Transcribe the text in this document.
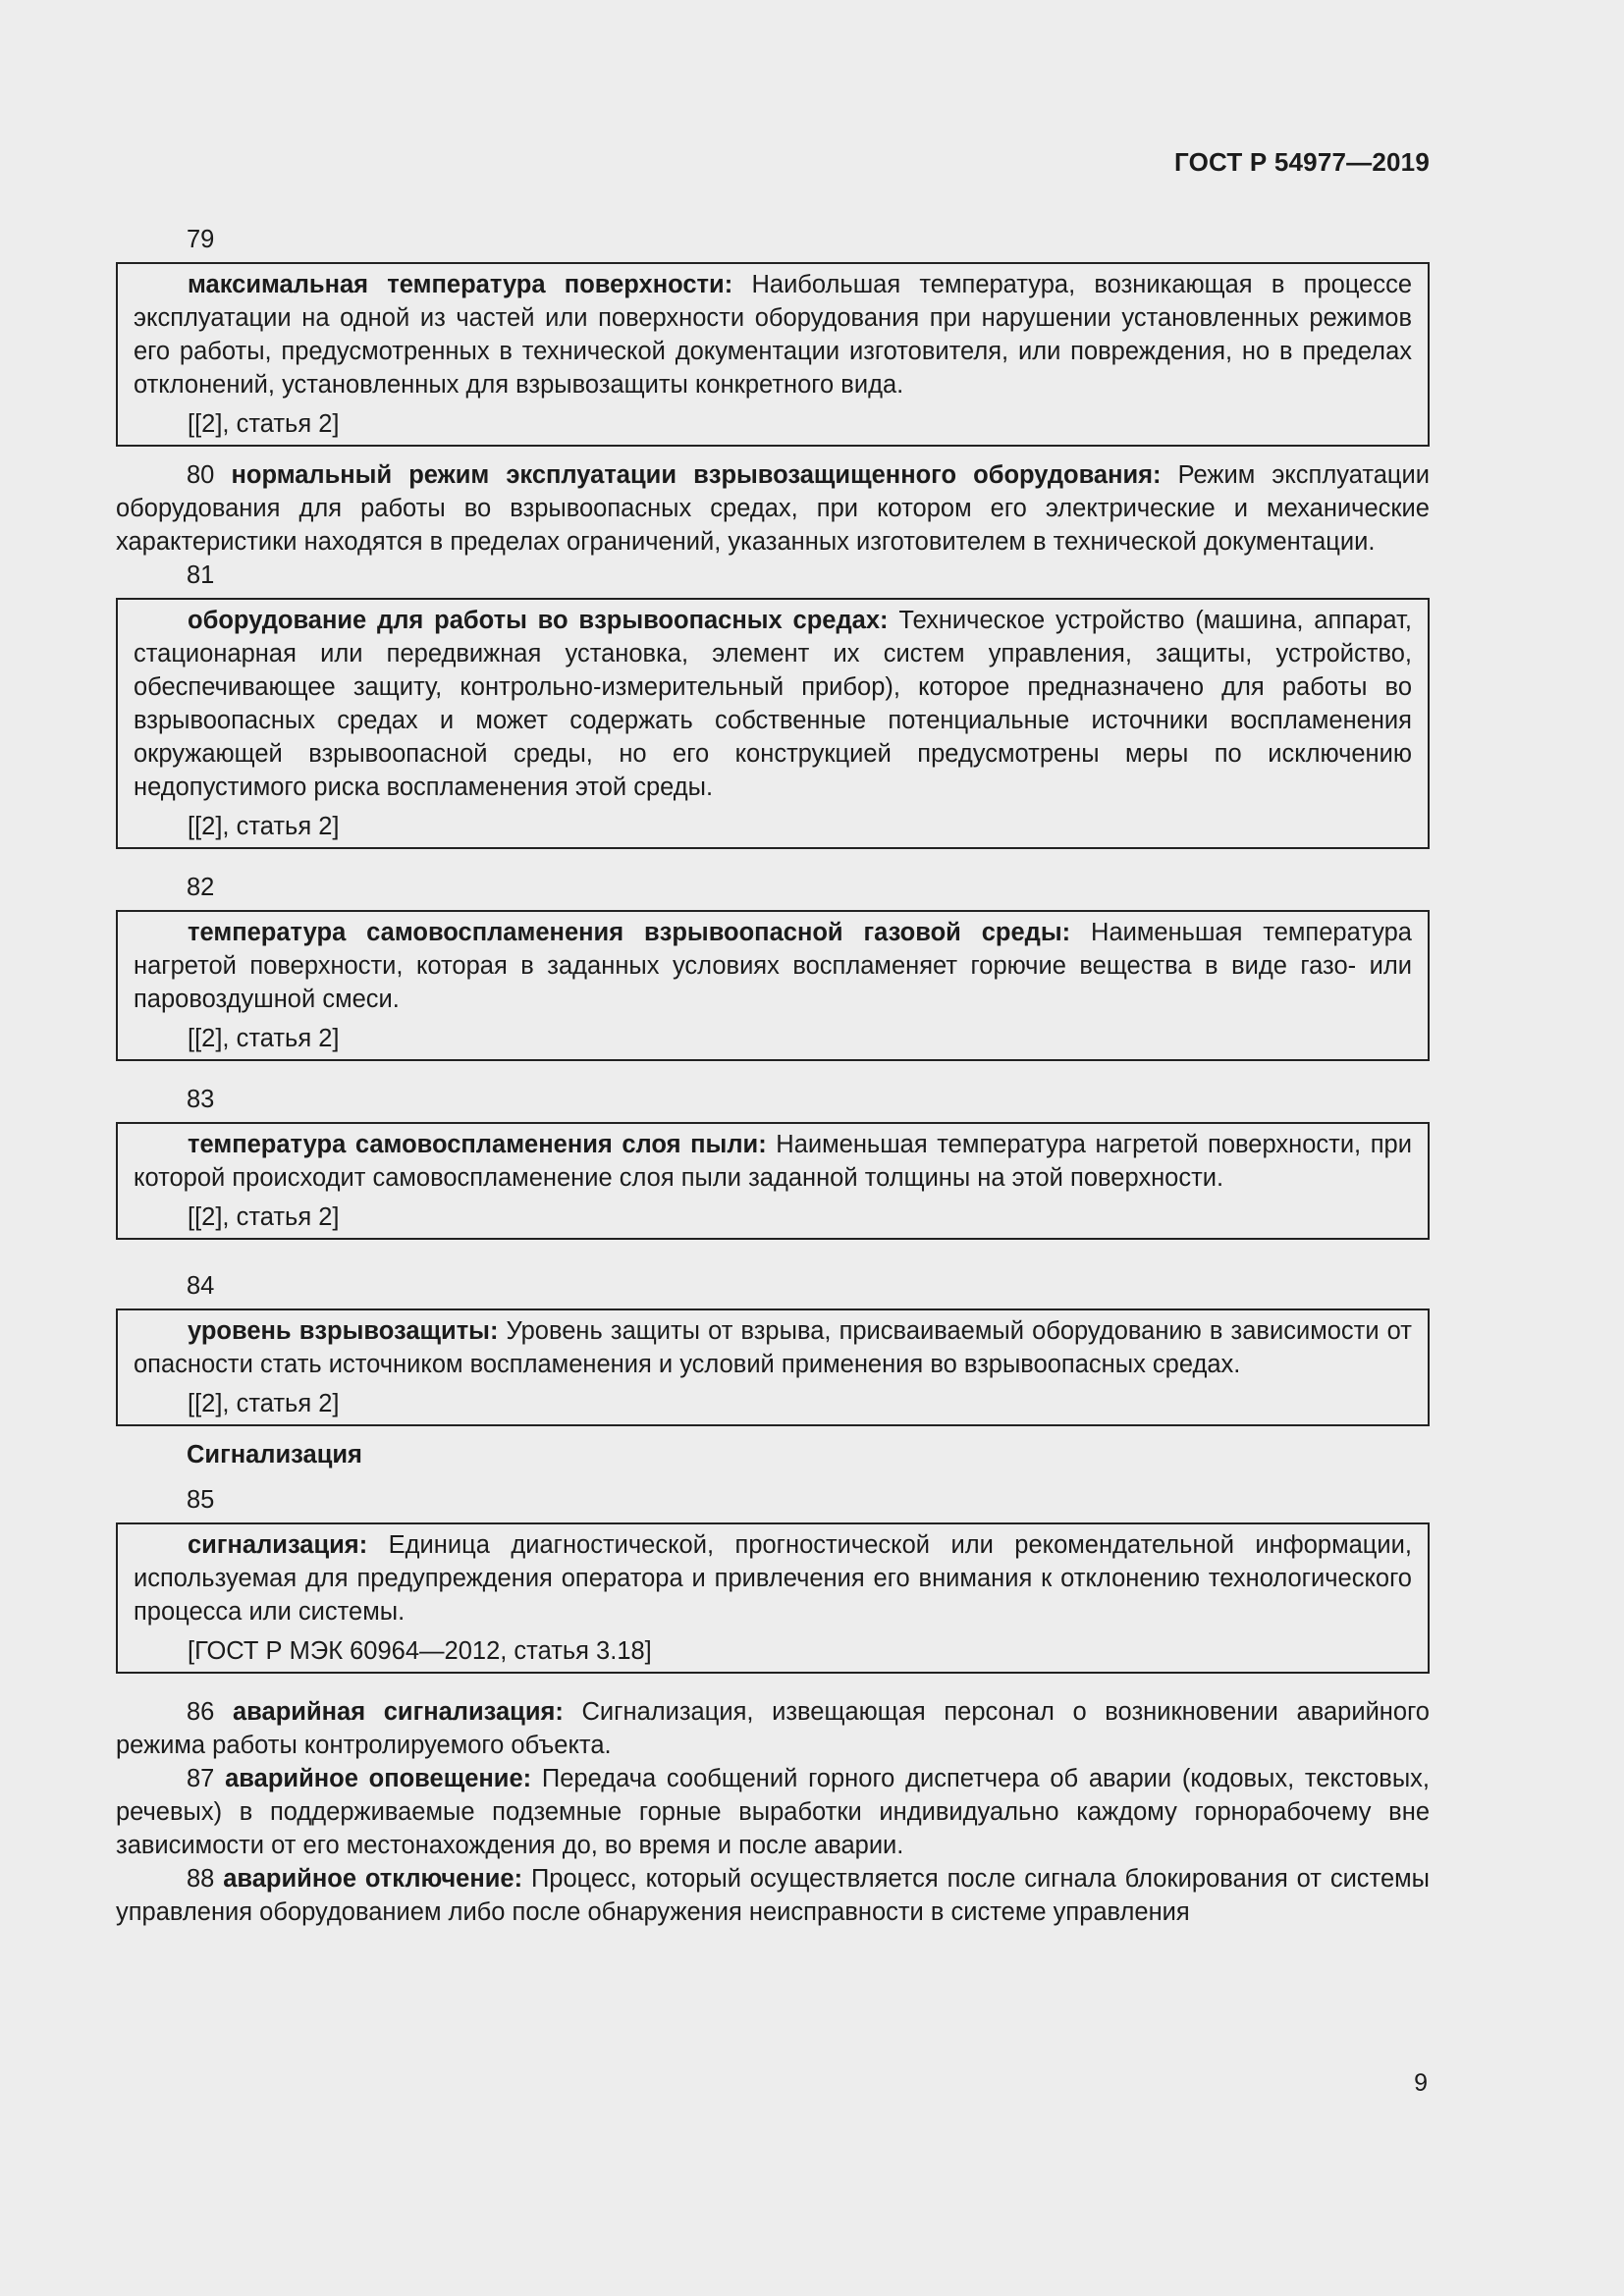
ГОСТ Р 54977—2019
79

максимальная температура поверхности: Наибольшая температура, возникающая в процессе эксплуатации на одной из частей или поверхности оборудования при нарушении установленных режимов его работы, предусмотренных в технической документации изготовителя, или повреждения, но в пределах отклонений, установленных для взрывозащиты конкретного вида.

[[2], статья 2]

80 нормальный режим эксплуатации взрывозащищенного оборудования: Режим эксплуатации оборудования для работы во взрывоопасных средах, при котором его электрические и механические характеристики находятся в пределах ограничений, указанных изготовителем в технической документации.

81

оборудование для работы во взрывоопасных средах: Техническое устройство (машина, аппарат, стационарная или передвижная установка, элемент их систем управления, защиты, устройство, обеспечивающее защиту, контрольно-измерительный прибор), которое предназначено для работы во взрывоопасных средах и может содержать собственные потенциальные источники воспламенения окружающей взрывоопасной среды, но его конструкцией предусмотрены меры по исключению недопустимого риска воспламенения этой среды.

[[2], статья 2]

82

температура самовоспламенения взрывоопасной газовой среды: Наименьшая температура нагретой поверхности, которая в заданных условиях воспламеняет горючие вещества в виде газо- или паровоздушной смеси.

[[2], статья 2]

83

температура самовоспламенения слоя пыли: Наименьшая температура нагретой поверхности, при которой происходит самовоспламенение слоя пыли заданной толщины на этой поверхности.

[[2], статья 2]

84

уровень взрывозащиты: Уровень защиты от взрыва, присваиваемый оборудованию в зависимости от опасности стать источником воспламенения и условий применения во взрывоопасных средах.

[[2], статья 2]

Сигнализация
85

сигнализация: Единица диагностической, прогностической или рекомендательной информации, используемая для предупреждения оператора и привлечения его внимания к отклонению технологического процесса или системы.

[ГОСТ Р МЭК 60964—2012, статья 3.18]

86 аварийная сигнализация: Сигнализация, извещающая персонал о возникновении аварийного режима работы контролируемого объекта.

87 аварийное оповещение: Передача сообщений горного диспетчера об аварии (кодовых, текстовых, речевых) в поддерживаемые подземные горные выработки индивидуально каждому горнорабочему вне зависимости от его местонахождения до, во время и после аварии.

88 аварийное отключение: Процесс, который осуществляется после сигнала блокирования от системы управления оборудованием либо после обнаружения неисправности в системе управления

9
